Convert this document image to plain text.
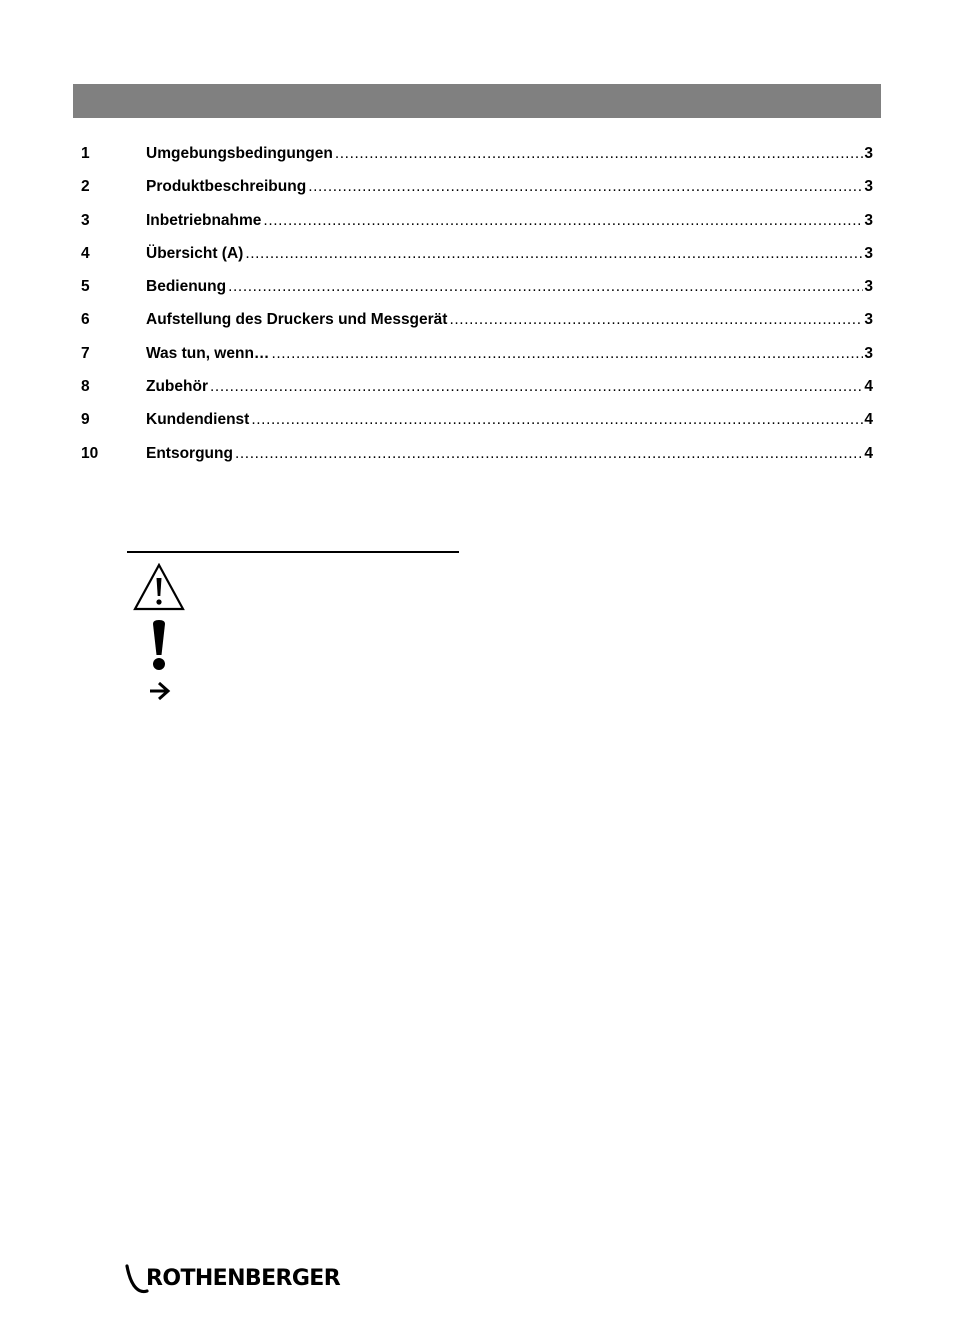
1	Umgebungsbedingungen .....	3
2	Produktbeschreibung .....	3
3	Inbetriebnahme .....	3
4	Übersicht (A) .....	3
5	Bedienung .....	3
6	Aufstellung des Druckers und Messgerät .....	3
7	Was tun, wenn… .....	3
8	Zubehör .....	4
9	Kundendienst .....	4
10	Entsorgung .....	4
ROTHENBERGER
